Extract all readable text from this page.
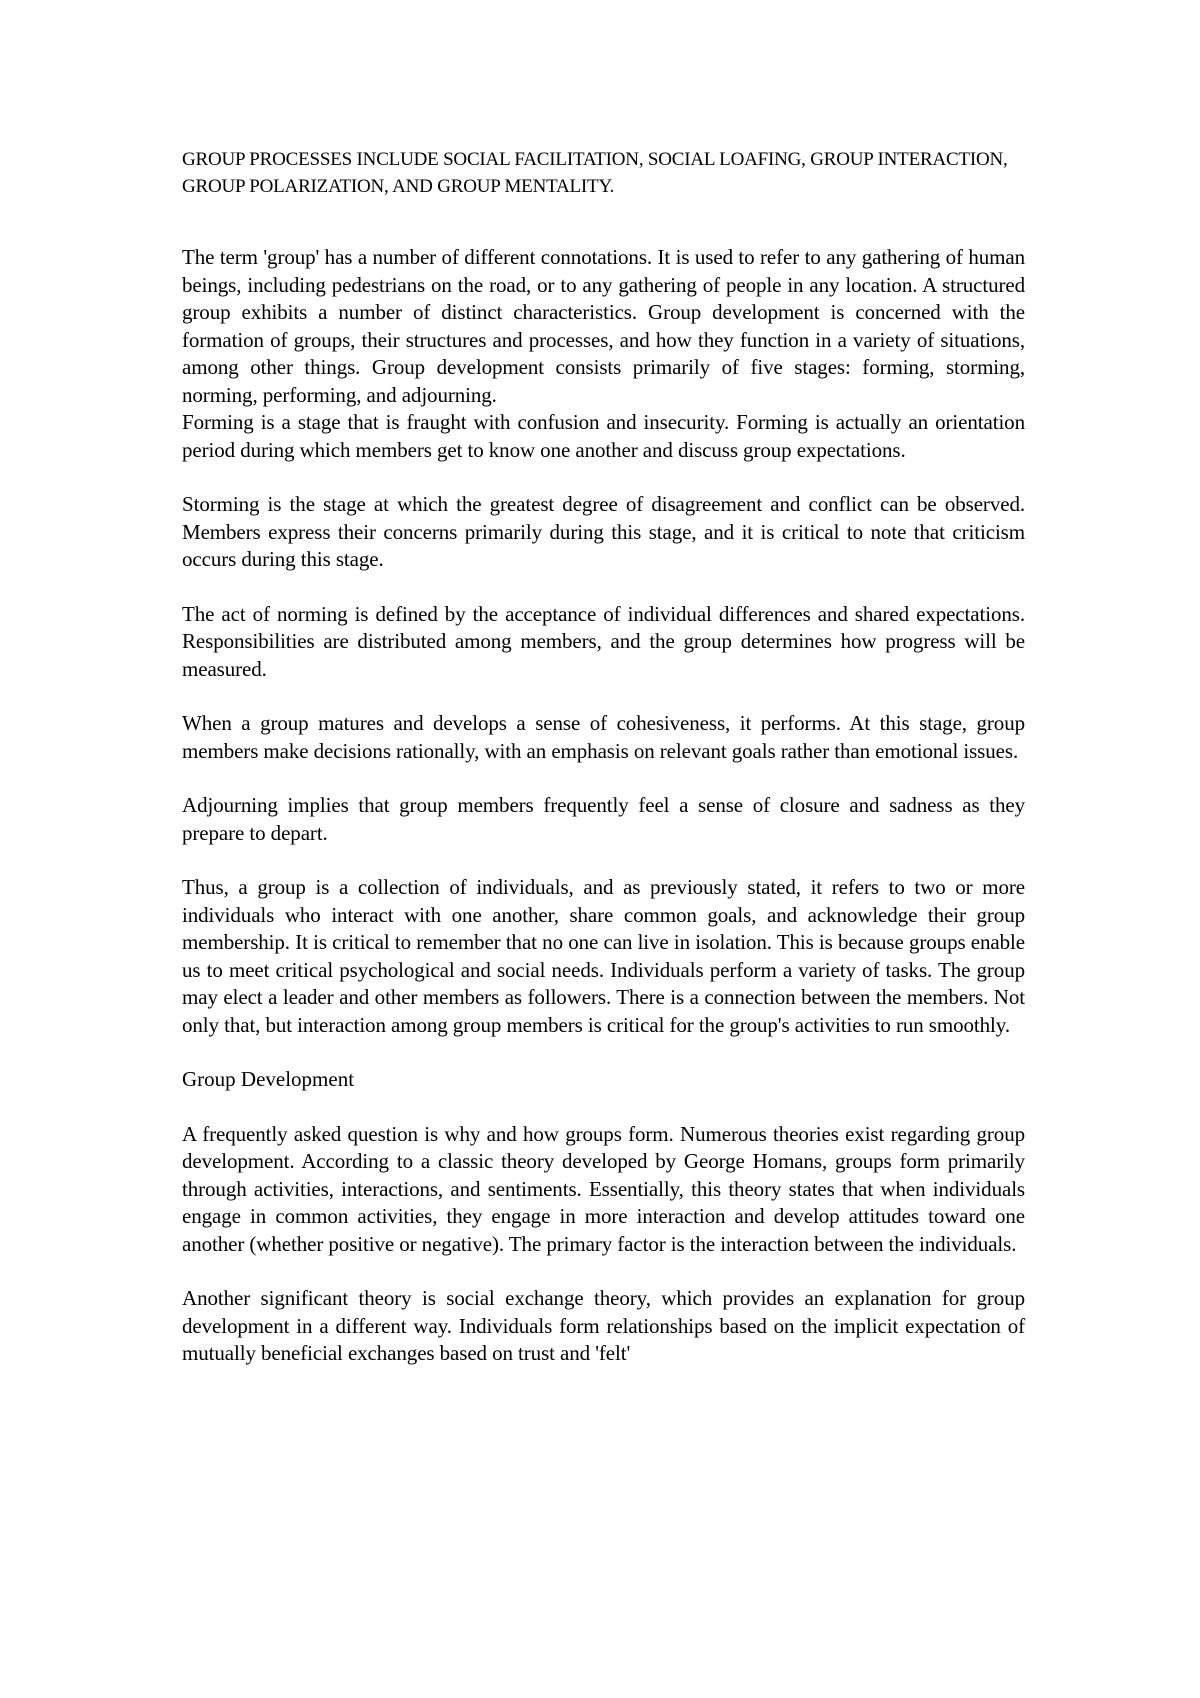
GROUP PROCESSES INCLUDE SOCIAL FACILITATION, SOCIAL LOAFING, GROUP INTERACTION, GROUP POLARIZATION, AND GROUP MENTALITY.

The term 'group' has a number of different connotations. It is used to refer to any gathering of human beings, including pedestrians on the road, or to any gathering of people in any location. A structured group exhibits a number of distinct characteristics. Group development is concerned with the formation of groups, their structures and processes, and how they function in a variety of situations, among other things. Group development consists primarily of five stages: forming, storming, norming, performing, and adjourning.

Forming is a stage that is fraught with confusion and insecurity. Forming is actually an orientation period during which members get to know one another and discuss group expectations.

Storming is the stage at which the greatest degree of disagreement and conflict can be observed. Members express their concerns primarily during this stage, and it is critical to note that criticism occurs during this stage.

The act of norming is defined by the acceptance of individual differences and shared expectations. Responsibilities are distributed among members, and the group determines how progress will be measured.

When a group matures and develops a sense of cohesiveness, it performs. At this stage, group members make decisions rationally, with an emphasis on relevant goals rather than emotional issues.

Adjourning implies that group members frequently feel a sense of closure and sadness as they prepare to depart.

Thus, a group is a collection of individuals, and as previously stated, it refers to two or more individuals who interact with one another, share common goals, and acknowledge their group membership. It is critical to remember that no one can live in isolation. This is because groups enable us to meet critical psychological and social needs. Individuals perform a variety of tasks. The group may elect a leader and other members as followers. There is a connection between the members. Not only that, but interaction among group members is critical for the group's activities to run smoothly.

Group Development

A frequently asked question is why and how groups form. Numerous theories exist regarding group development. According to a classic theory developed by George Homans, groups form primarily through activities, interactions, and sentiments. Essentially, this theory states that when individuals engage in common activities, they engage in more interaction and develop attitudes toward one another (whether positive or negative). The primary factor is the interaction between the individuals.

Another significant theory is social exchange theory, which provides an explanation for group development in a different way. Individuals form relationships based on the implicit expectation of mutually beneficial exchanges based on trust and 'felt'
